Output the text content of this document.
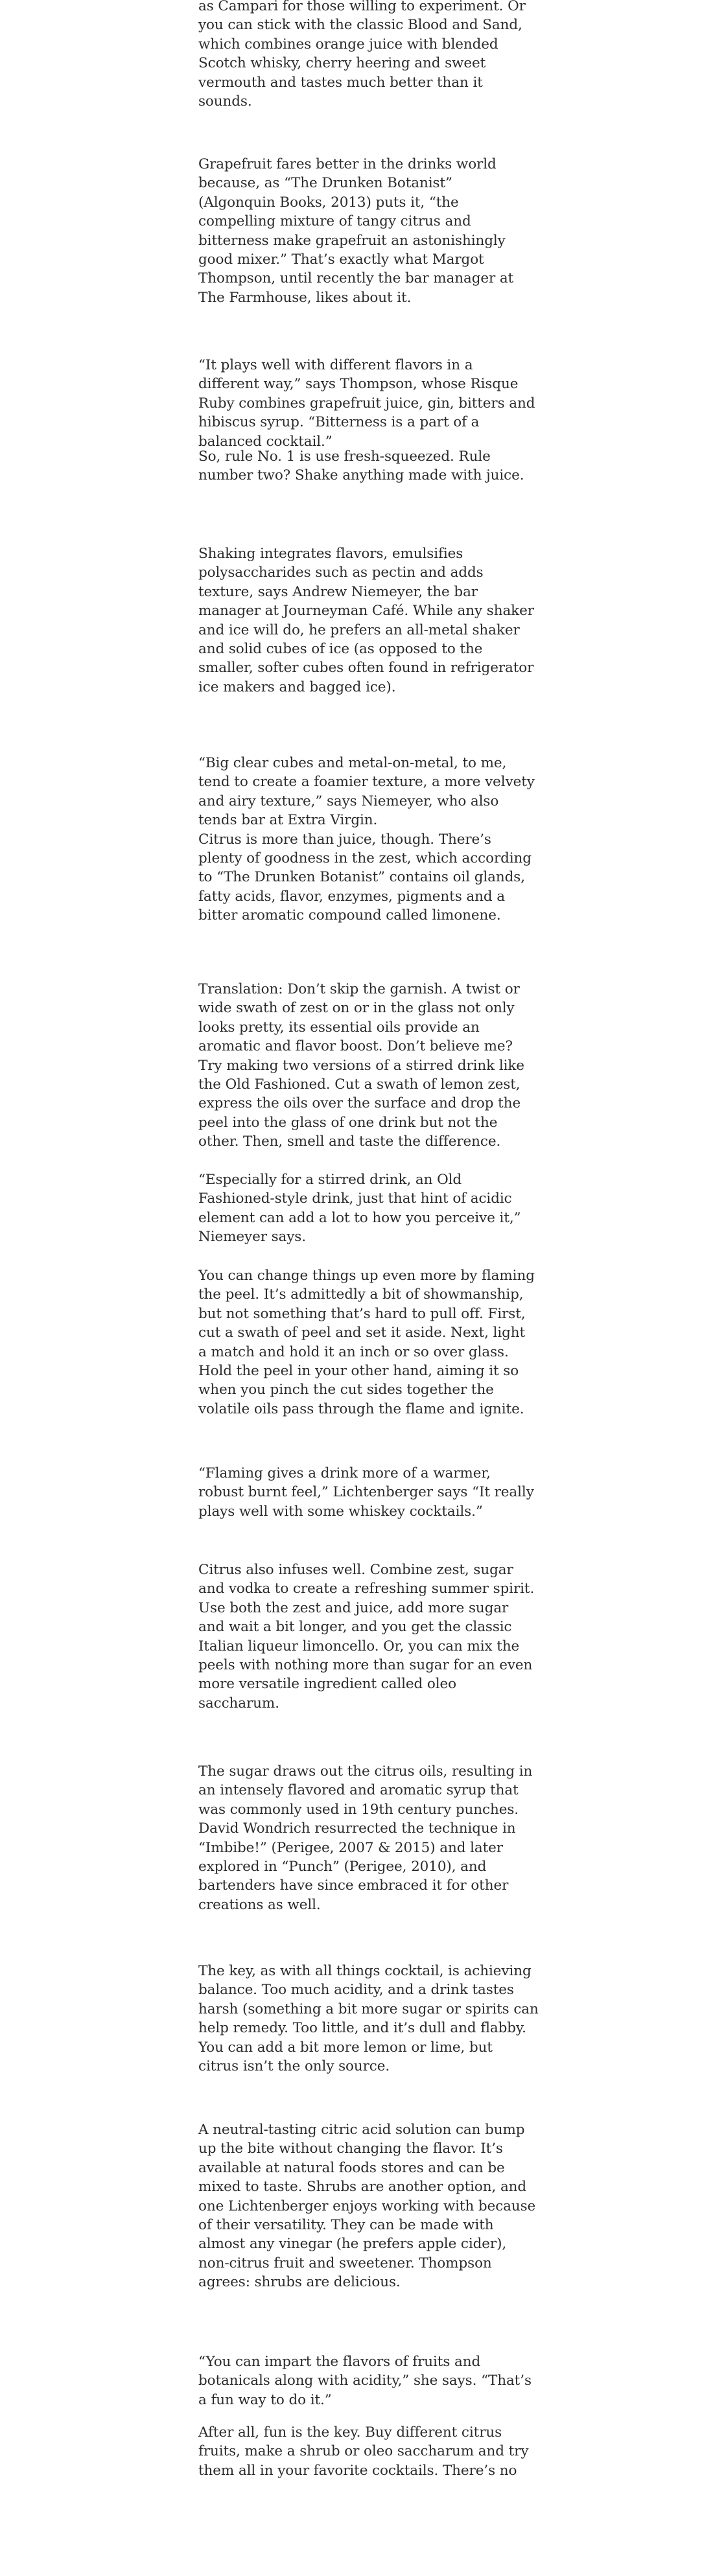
as Campari for those willing to experiment. Or
you can stick with the classic Blood and Sand,
which combines orange juice with blended
Scotch whisky, cherry heering and sweet
vermouth and tastes much better than it
sounds.

Grapefruit fares better in the drinks world
because, as “The Drunken Botanist”
(Algonquin Books, 2013) puts it, “the
compelling mixture of tangy citrus and
bitterness make grapefruit an astonishingly
good mixer.” That’s exactly what Margot
Thompson, until recently the bar manager at
The Farmhouse, likes about it.

“It plays well with different flavors in a
different way,” says Thompson, whose Risque
Ruby combines grapefruit juice, gin, bitters and
hibiscus syrup. “Bitterness is a part of a
balanced cocktail.”

So, rule No. 1 is use fresh-squeezed. Rule
number two? Shake anything made with juice.

Shaking integrates flavors, emulsifies
polysaccharides such as pectin and adds
texture, says Andrew Niemeyer, the bar
manager at Journeyman Café. While any shaker
and ice will do, he prefers an all-metal shaker
and solid cubes of ice (as opposed to the
smaller, softer cubes often found in refrigerator
ice makers and bagged ice).

“Big clear cubes and metal-on-metal, to me,
tend to create a foamier texture, a more velvety
and airy texture,” says Niemeyer, who also
tends bar at Extra Virgin.
Citrus is more than juice, though. There’s
plenty of goodness in the zest, which according
to “The Drunken Botanist” contains oil glands,
fatty acids, flavor, enzymes, pigments and a
bitter aromatic compound called limonene.

Translation: Don’t skip the garnish. A twist or
wide swath of zest on or in the glass not only
looks pretty, its essential oils provide an
aromatic and flavor boost. Don’t believe me?
Try making two versions of a stirred drink like
the Old Fashioned. Cut a swath of lemon zest,
express the oils over the surface and drop the
peel into the glass of one drink but not the
other. Then, smell and taste the difference.

“Especially for a stirred drink, an Old
Fashioned-style drink, just that hint of acidic
element can add a lot to how you perceive it,”
Niemeyer says.

You can change things up even more by flaming
the peel. It’s admittedly a bit of showmanship,
but not something that’s hard to pull off. First,
cut a swath of peel and set it aside. Next, light
a match and hold it an inch or so over glass.
Hold the peel in your other hand, aiming it so
when you pinch the cut sides together the
volatile oils pass through the flame and ignite.

“Flaming gives a drink more of a warmer,
robust burnt feel,” Lichtenberger says “It really
plays well with some whiskey cocktails.”

Citrus also infuses well. Combine zest, sugar
and vodka to create a refreshing summer spirit.
Use both the zest and juice, add more sugar
and wait a bit longer, and you get the classic
Italian liqueur limoncello. Or, you can mix the
peels with nothing more than sugar for an even
more versatile ingredient called oleo
saccharum.

The sugar draws out the citrus oils, resulting in
an intensely flavored and aromatic syrup that
was commonly used in 19th century punches.
David Wondrich resurrected the technique in
“Imbibe!” (Perigee, 2007 & 2015) and later
explored in “Punch” (Perigee, 2010), and
bartenders have since embraced it for other
creations as well.

The key, as with all things cocktail, is achieving
balance. Too much acidity, and a drink tastes
harsh (something a bit more sugar or spirits can
help remedy. Too little, and it’s dull and flabby.
You can add a bit more lemon or lime, but
citrus isn’t the only source.

A neutral-tasting citric acid solution can bump
up the bite without changing the flavor. It’s
available at natural foods stores and can be
mixed to taste. Shrubs are another option, and
one Lichtenberger enjoys working with because
of their versatility. They can be made with
almost any vinegar (he prefers apple cider),
non-citrus fruit and sweetener. Thompson
agrees: shrubs are delicious.

“You can impart the flavors of fruits and
botanicals along with acidity,” she says. “That’s
a fun way to do it.”

After all, fun is the key. Buy different citrus
fruits, make a shrub or oleo saccharum and try
them all in your favorite cocktails. There’s no
